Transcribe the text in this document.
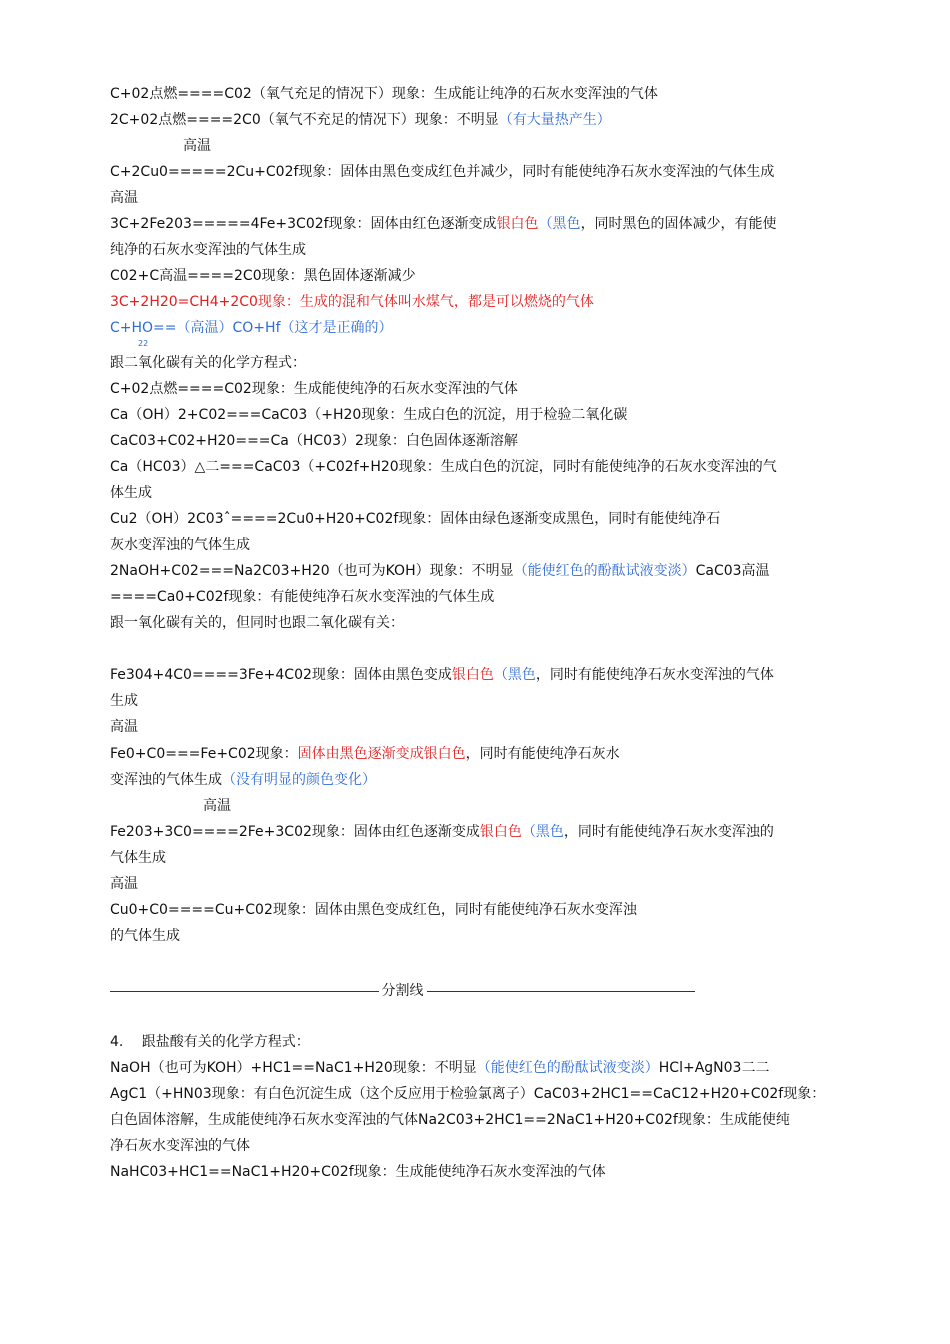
C+02点燃====C02（氧气充足的情况下）现象：生成能让纯净的石灰水变浑浊的气体
2C+02点燃====2C0（氧气不充足的情况下）现象：不明显（有大量热产生）
高温
C+2Cu0=====2Cu+C02f现象：固体由黑色变成红色并减少，同时有能使纯净石灰水变浑浊的气体生成
高温
3C+2Fe203=====4Fe+3C02f现象：固体由红色逐渐变成银白色（黑色，同时黑色的固体减少，有能使
纯净的石灰水变浑浊的气体生成
C02+C高温====2C0现象：黑色固体逐渐减少
3C+2H20=CH4+2C0现象：生成的混和气体叫水煤气，都是可以燃烧的气体
C+HO==（高温）CO+Hf（这才是正确的）
22
跟二氧化碳有关的化学方程式：
C+02点燃====C02现象：生成能使纯净的石灰水变浑浊的气体
Ca（OH）2+C02===CaC03（+H20现象：生成白色的沉淀，用于检验二氧化碳
CaC03+C02+H20===Ca（HC03）2现象：白色固体逐渐溶解
Ca（HC03）△二===CaC03（+C02f+H20现象：生成白色的沉淀，同时有能使纯净的石灰水变浑浊的气
体生成
Cu2（OH）2C03ˆ====2Cu0+H20+C02f现象：固体由绿色逐渐变成黑色，同时有能使纯净石
灰水变浑浊的气体生成
2NaOH+C02===Na2C03+H20（也可为KOH）现象：不明显（能使红色的酚酞试液变淡）CaC03高温
====Ca0+C02f现象：有能使纯净石灰水变浑浊的气体生成
跟一氧化碳有关的，但同时也跟二氧化碳有关：
Fe304+4C0====3Fe+4C02现象：固体由黑色变成银白色（黑色，同时有能使纯净石灰水变浑浊的气体
生成
高温
Fe0+C0===Fe+C02现象：固体由黑色逐渐变成银白色，同时有能使纯净石灰水
变浑浊的气体生成（没有明显的颜色变化）
高温
Fe203+3C0====2Fe+3C02现象：固体由红色逐渐变成银白色（黑色，同时有能使纯净石灰水变浑浊的
气体生成
高温
Cu0+C0====Cu+C02现象：固体由黑色变成红色，同时有能使纯净石灰水变浑浊
的气体生成
分割线
4.　 跟盐酸有关的化学方程式：
NaOH（也可为KOH）+HC1==NaC1+H20现象：不明显（能使红色的酚酞试液变淡）HCl+AgN03二二
AgC1（+HN03现象：有白色沉淀生成（这个反应用于检验氯离子）CaC03+2HC1==CaC12+H20+C02f现象：
白色固体溶解，生成能使纯净石灰水变浑浊的气体Na2C03+2HC1==2NaC1+H20+C02f现象：生成能使纯
净石灰水变浑浊的气体
NaHC03+HC1==NaC1+H20+C02f现象：生成能使纯净石灰水变浑浊的气体
